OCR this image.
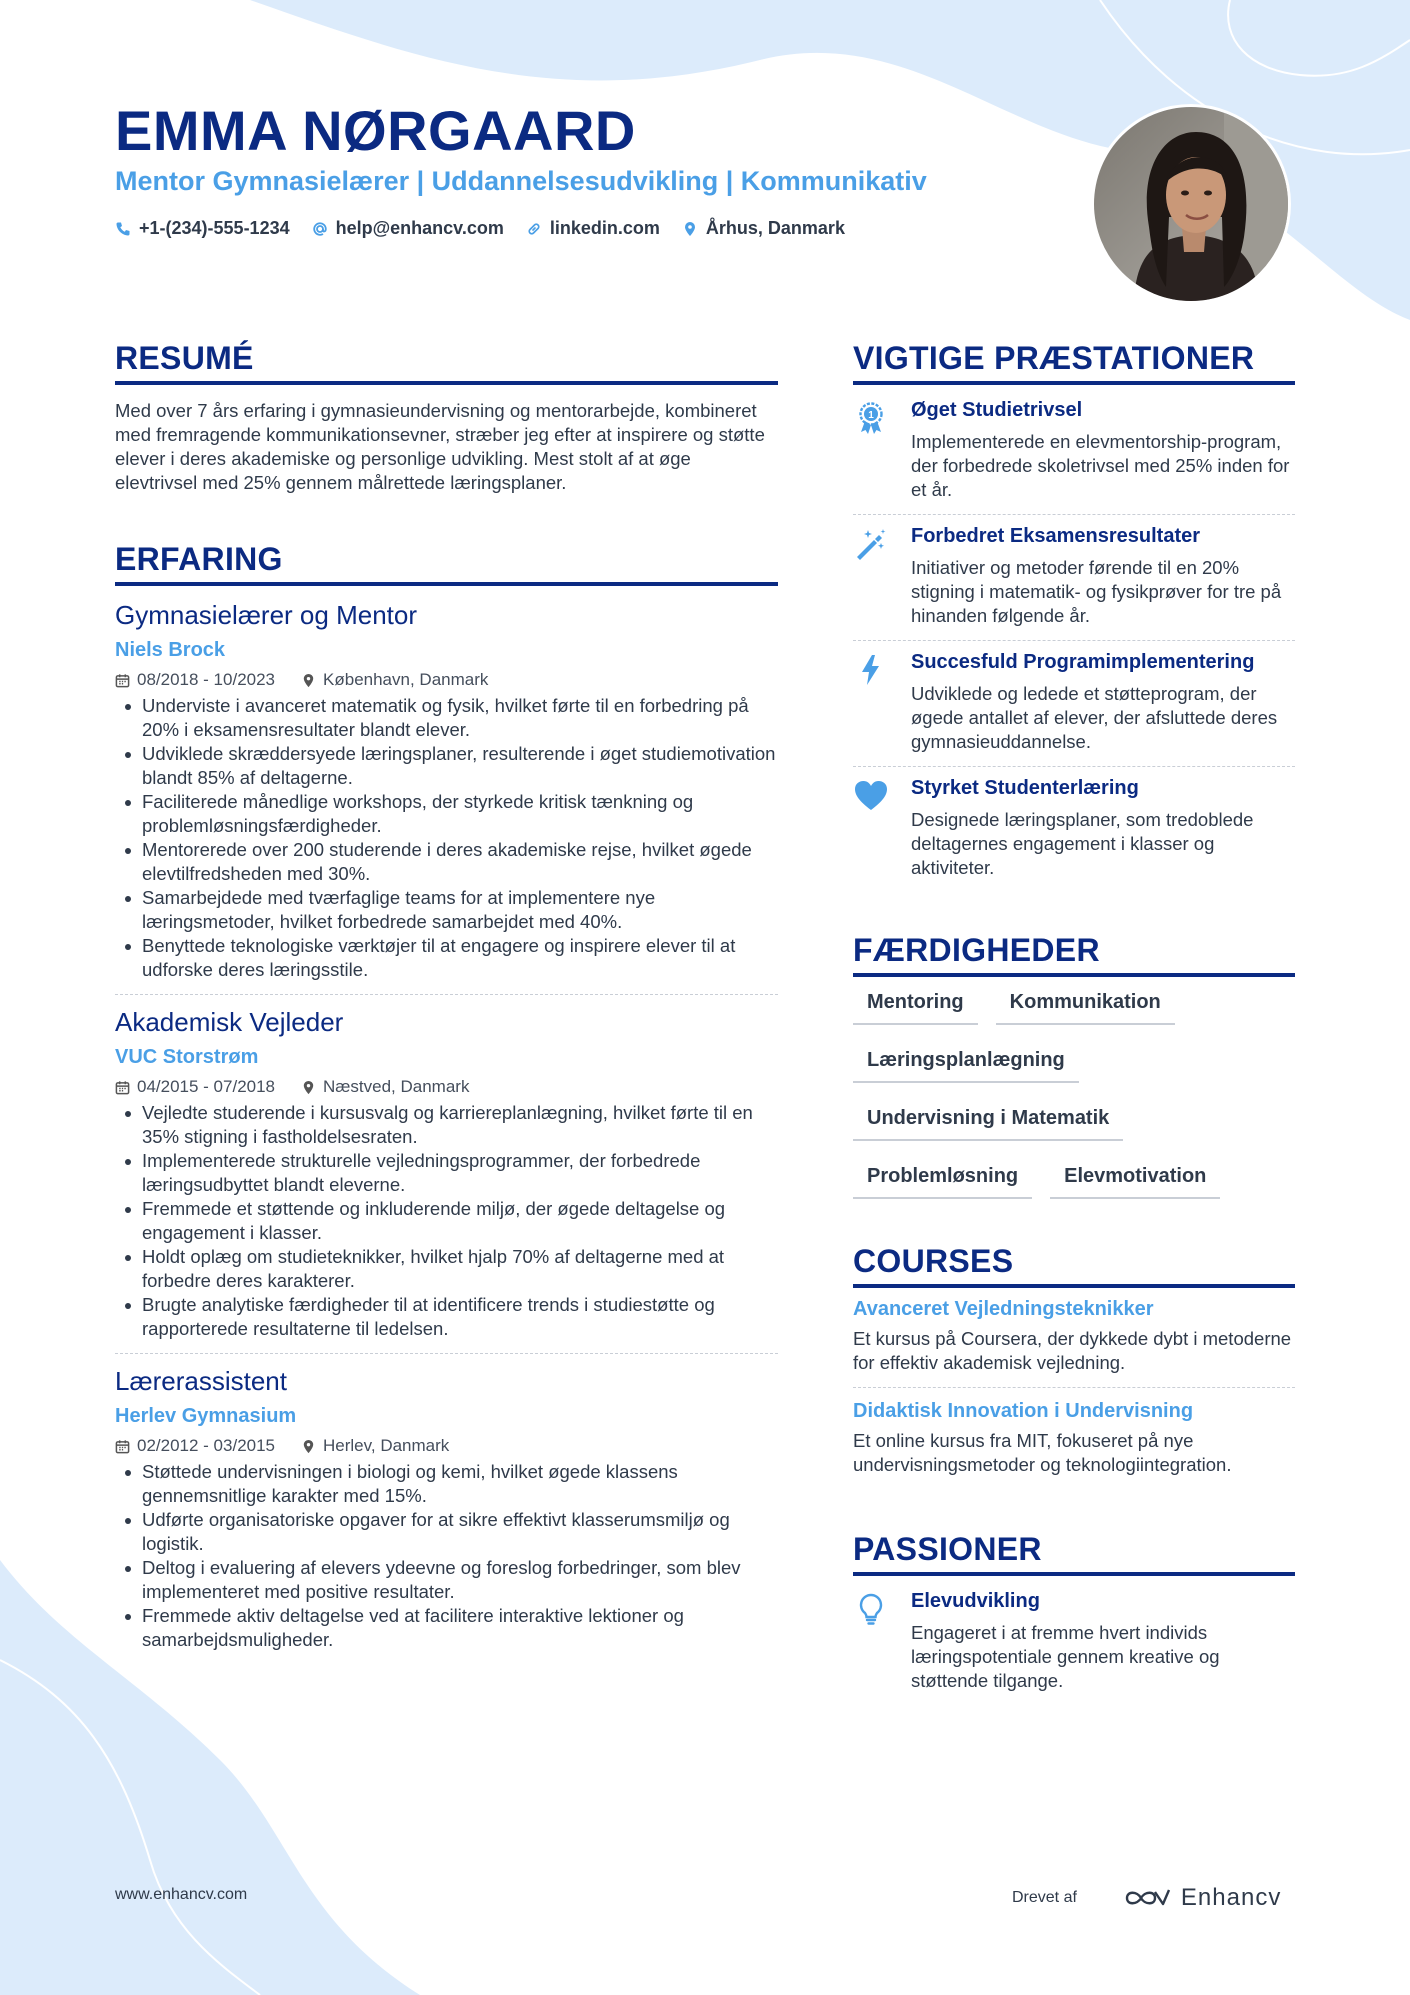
EMMA NØRGAARD
Mentor Gymnasielærer | Uddannelsesudvikling | Kommunikativ
+1-(234)-555-1234	help@enhancv.com	linkedin.com	Århus, Danmark
RESUMÉ
Med over 7 års erfaring i gymnasieundervisning og mentorarbejde, kombineret med fremragende kommunikationsevner, stræber jeg efter at inspirere og støtte elever i deres akademiske og personlige udvikling. Mest stolt af at øge elevtrivsel med 25% gennem målrettede læringsplaner.
ERFARING
Gymnasielærer og Mentor
Niels Brock
08/2018 - 10/2023	København, Danmark
Underviste i avanceret matematik og fysik, hvilket førte til en forbedring på 20% i eksamensresultater blandt elever.
Udviklede skræddersyede læringsplaner, resulterende i øget studiemotivation blandt 85% af deltagerne.
Faciliterede månedlige workshops, der styrkede kritisk tænkning og problemløsningsfærdigheder.
Mentorerede over 200 studerende i deres akademiske rejse, hvilket øgede elevtilfredsheden med 30%.
Samarbejdede med tværfaglige teams for at implementere nye læringsmetoder, hvilket forbedrede samarbejdet med 40%.
Benyttede teknologiske værktøjer til at engagere og inspirere elever til at udforske deres læringsstile.
Akademisk Vejleder
VUC Storstrøm
04/2015 - 07/2018	Næstved, Danmark
Vejledte studerende i kursusvalg og karriereplanlægning, hvilket førte til en 35% stigning i fastholdelsesraten.
Implementerede strukturelle vejledningsprogrammer, der forbedrede læringsudbyttet blandt eleverne.
Fremmede et støttende og inkluderende miljø, der øgede deltagelse og engagement i klasser.
Holdt oplæg om studieteknikker, hvilket hjalp 70% af deltagerne med at forbedre deres karakterer.
Brugte analytiske færdigheder til at identificere trends i studiestøtte og rapporterede resultaterne til ledelsen.
Lærerassistent
Herlev Gymnasium
02/2012 - 03/2015	Herlev, Danmark
Støttede undervisningen i biologi og kemi, hvilket øgede klassens gennemsnitlige karakter med 15%.
Udførte organisatoriske opgaver for at sikre effektivt klasserumsmiljø og logistik.
Deltog i evaluering af elevers ydeevne og foreslog forbedringer, som blev implementeret med positive resultater.
Fremmede aktiv deltagelse ved at facilitere interaktive lektioner og samarbejdsmuligheder.
VIGTIGE PRÆSTATIONER
1 Øget Studietrivsel
Implementerede en elevmentorship-program, der forbedrede skoletrivsel med 25% inden for et år.
Forbedret Eksamensresultater
Initiativer og metoder førende til en 20% stigning i matematik- og fysikprøver for tre på hinanden følgende år.
Succesfuld Programimplementering
Udviklede og ledede et støtteprogram, der øgede antallet af elever, der afsluttede deres gymnasieuddannelse.
Styrket Studenterlæring
Designede læringsplaner, som tredoblede deltagernes engagement i klasser og aktiviteter.
FÆRDIGHEDER
Mentoring	Kommunikation
Læringsplanlægning
Undervisning i Matematik
Problemløsning	Elevmotivation
COURSES
Avanceret Vejledningsteknikker
Et kursus på Coursera, der dykkede dybt i metoderne for effektiv akademisk vejledning.
Didaktisk Innovation i Undervisning
Et online kursus fra MIT, fokuseret på nye undervisningsmetoder og teknologiintegration.
PASSIONER
Elevudvikling
Engageret i at fremme hvert individs læringspotentiale gennem kreative og støttende tilgange.
www.enhancv.com	Drevet af	Enhancv
